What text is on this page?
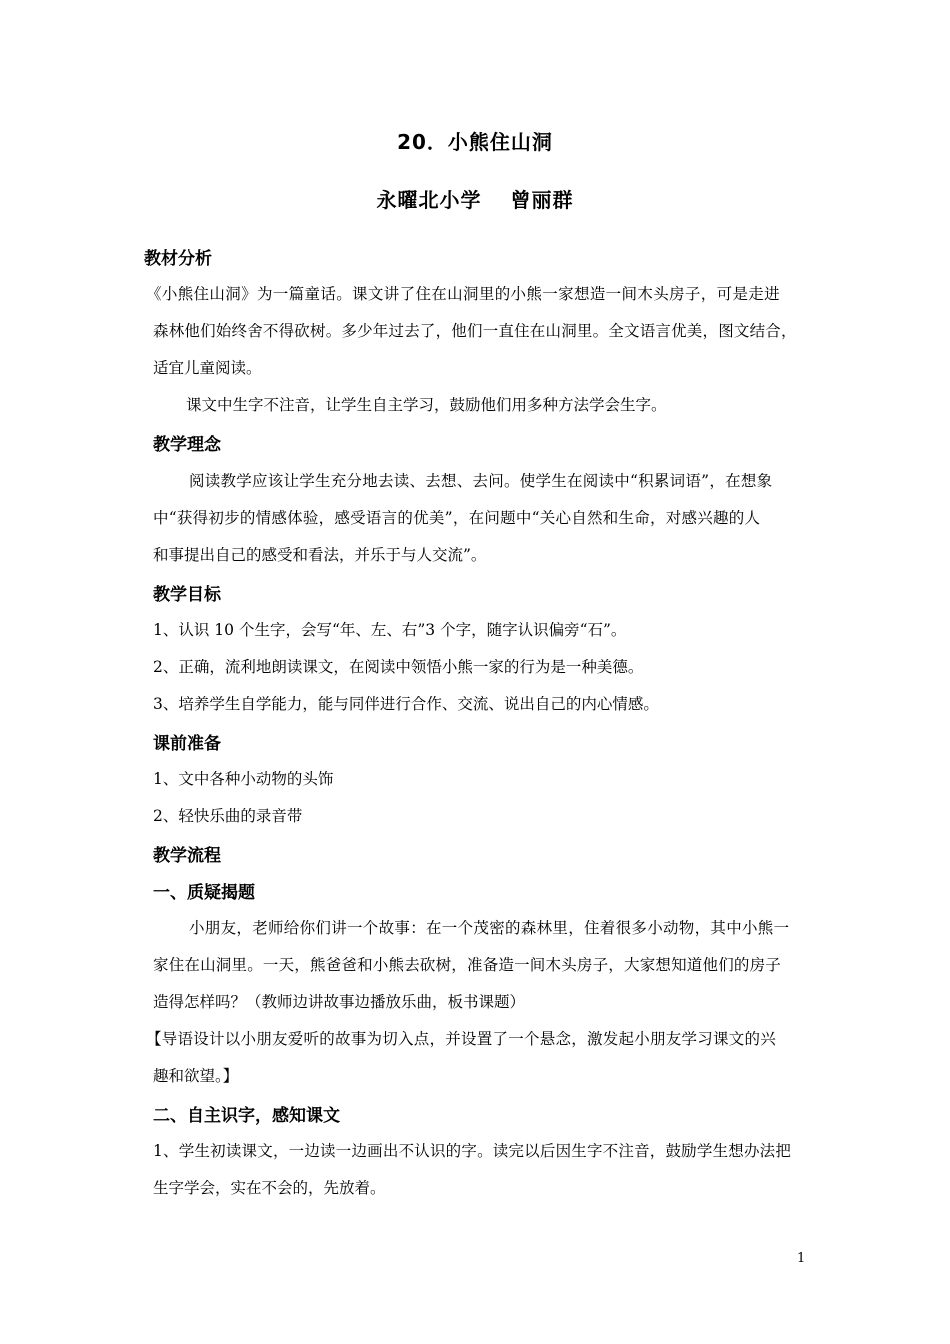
20．小熊住山洞
永曜北小学　 曾丽群
教材分析
《小熊住山洞》为一篇童话。课文讲了住在山洞里的小熊一家想造一间木头房子，可是走进
森林他们始终舍不得砍树。多少年过去了，他们一直住在山洞里。全文语言优美，图文结合，
适宜儿童阅读。
课文中生字不注音，让学生自主学习，鼓励他们用多种方法学会生字。
教学理念
阅读教学应该让学生充分地去读、去想、去问。使学生在阅读中“积累词语”，在想象
中“获得初步的情感体验，感受语言的优美”，在问题中“关心自然和生命，对感兴趣的人
和事提出自己的感受和看法，并乐于与人交流”。
教学目标
1、认识 10 个生字，会写“年、左、右”3 个字，随字认识偏旁“石”。
2、正确，流利地朗读课文，在阅读中领悟小熊一家的行为是一种美德。
3、培养学生自学能力，能与同伴进行合作、交流、说出自己的内心情感。
课前准备
1、文中各种小动物的头饰
2、轻快乐曲的录音带
教学流程
一、质疑揭题
小朋友，老师给你们讲一个故事：在一个茂密的森林里，住着很多小动物，其中小熊一
家住在山洞里。一天，熊爸爸和小熊去砍树，准备造一间木头房子，大家想知道他们的房子
造得怎样吗？（教师边讲故事边播放乐曲，板书课题）
【导语设计以小朋友爱听的故事为切入点，并设置了一个悬念，激发起小朋友学习课文的兴
趣和欲望。】
二、自主识字，感知课文
1、学生初读课文，一边读一边画出不认识的字。读完以后因生字不注音，鼓励学生想办法把
生字学会，实在不会的，先放着。
1
